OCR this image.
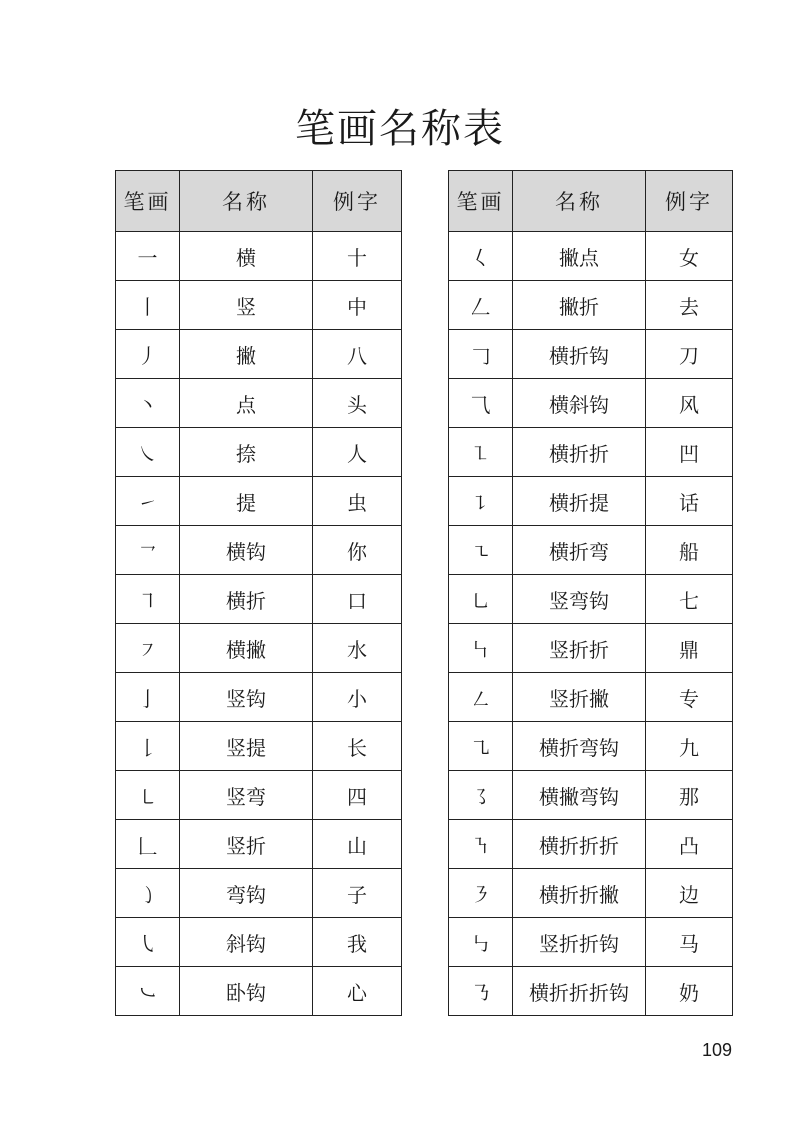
笔画名称表
笔画	名称	例字
一	横	十
丨	竖	中
丿	撇	八
丶	点	头
㇏	捺	人
㇀	提	虫
㇖	横钩	你
㇕	横折	口
㇇	横撇	水
亅	竖钩	小
𠄌	竖提	长
㇄	竖弯	四
𠃊	竖折	山
㇁	弯钩	子
㇂	斜钩	我
㇃	卧钩	心
笔画	名称	例字
𡿨	撇点	女
𠃋	撇折	去
𠃌	横折钩	刀
⺄	横斜钩	风
㇅	横折折	凹
㇊	横折提	话
㇍	横折弯	船
㇟	竖弯钩	七
㇞	竖折折	鼎
㇜	竖折撇	专
㇈	横折弯钩	九
㇌	横撇弯钩	那
㇎	横折折折	凸
㇋	横折折撇	边
㇉	竖折折钩	马
㇡	横折折折钩	奶
109
